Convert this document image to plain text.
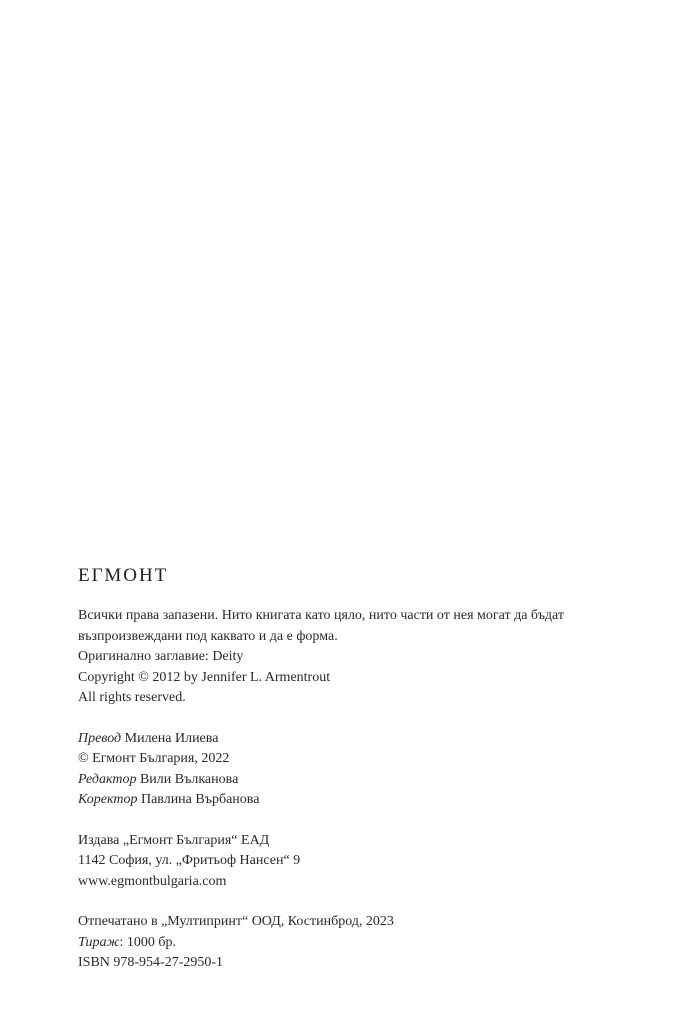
ЕГМОНТ
Всички права запазени. Нито книгата като цяло, нито части от нея могат да бъдат
възпроизвеждани под каквато и да е форма.
Оригинално заглавие: Deity
Copyright © 2012 by Jennifer L. Armentrout
All rights reserved.
Превод Милена Илиева
© Егмонт България, 2022
Редактор Вили Вълканова
Коректор Павлина Върбанова
Издава „Егмонт България“ ЕАД
1142 София, ул. „Фритьоф Нансен“ 9
www.egmontbulgaria.com
Отпечатано в „Мултипринт“ ООД, Костинброд, 2023
Тираж: 1000 бр.
ISBN 978-954-27-2950-1
